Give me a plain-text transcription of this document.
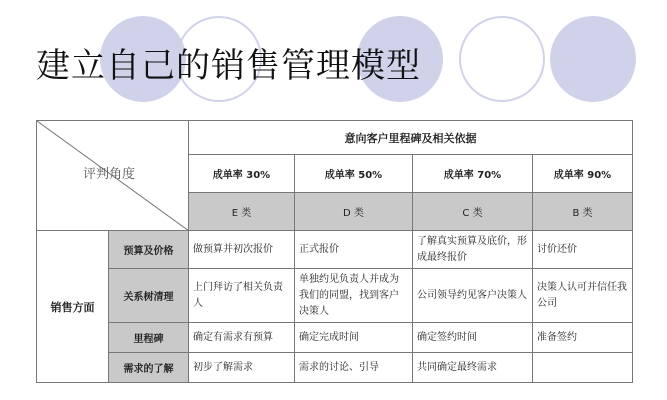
建立自己的销售管理模型
评判角度		意向客户里程碑及相关依据			
		成单率 30%	成单率 50%	成单率 70%	成单率 90%
		E 类	D 类	C 类	B 类
销售方面	预算及价格	做预算并初次报价	正式报价	了解真实预算及底价，形成最终报价	讨价还价
	关系树清理	上门拜访了相关负责人	单独约见负责人并成为我们的同盟，找到客户决策人	公司领导约见客户决策人	决策人认可并信任我公司
	里程碑	确定有需求有预算	确定完成时间	确定签约时间	准备签约
	需求的了解	初步了解需求	需求的讨论、引导	共同确定最终需求	
